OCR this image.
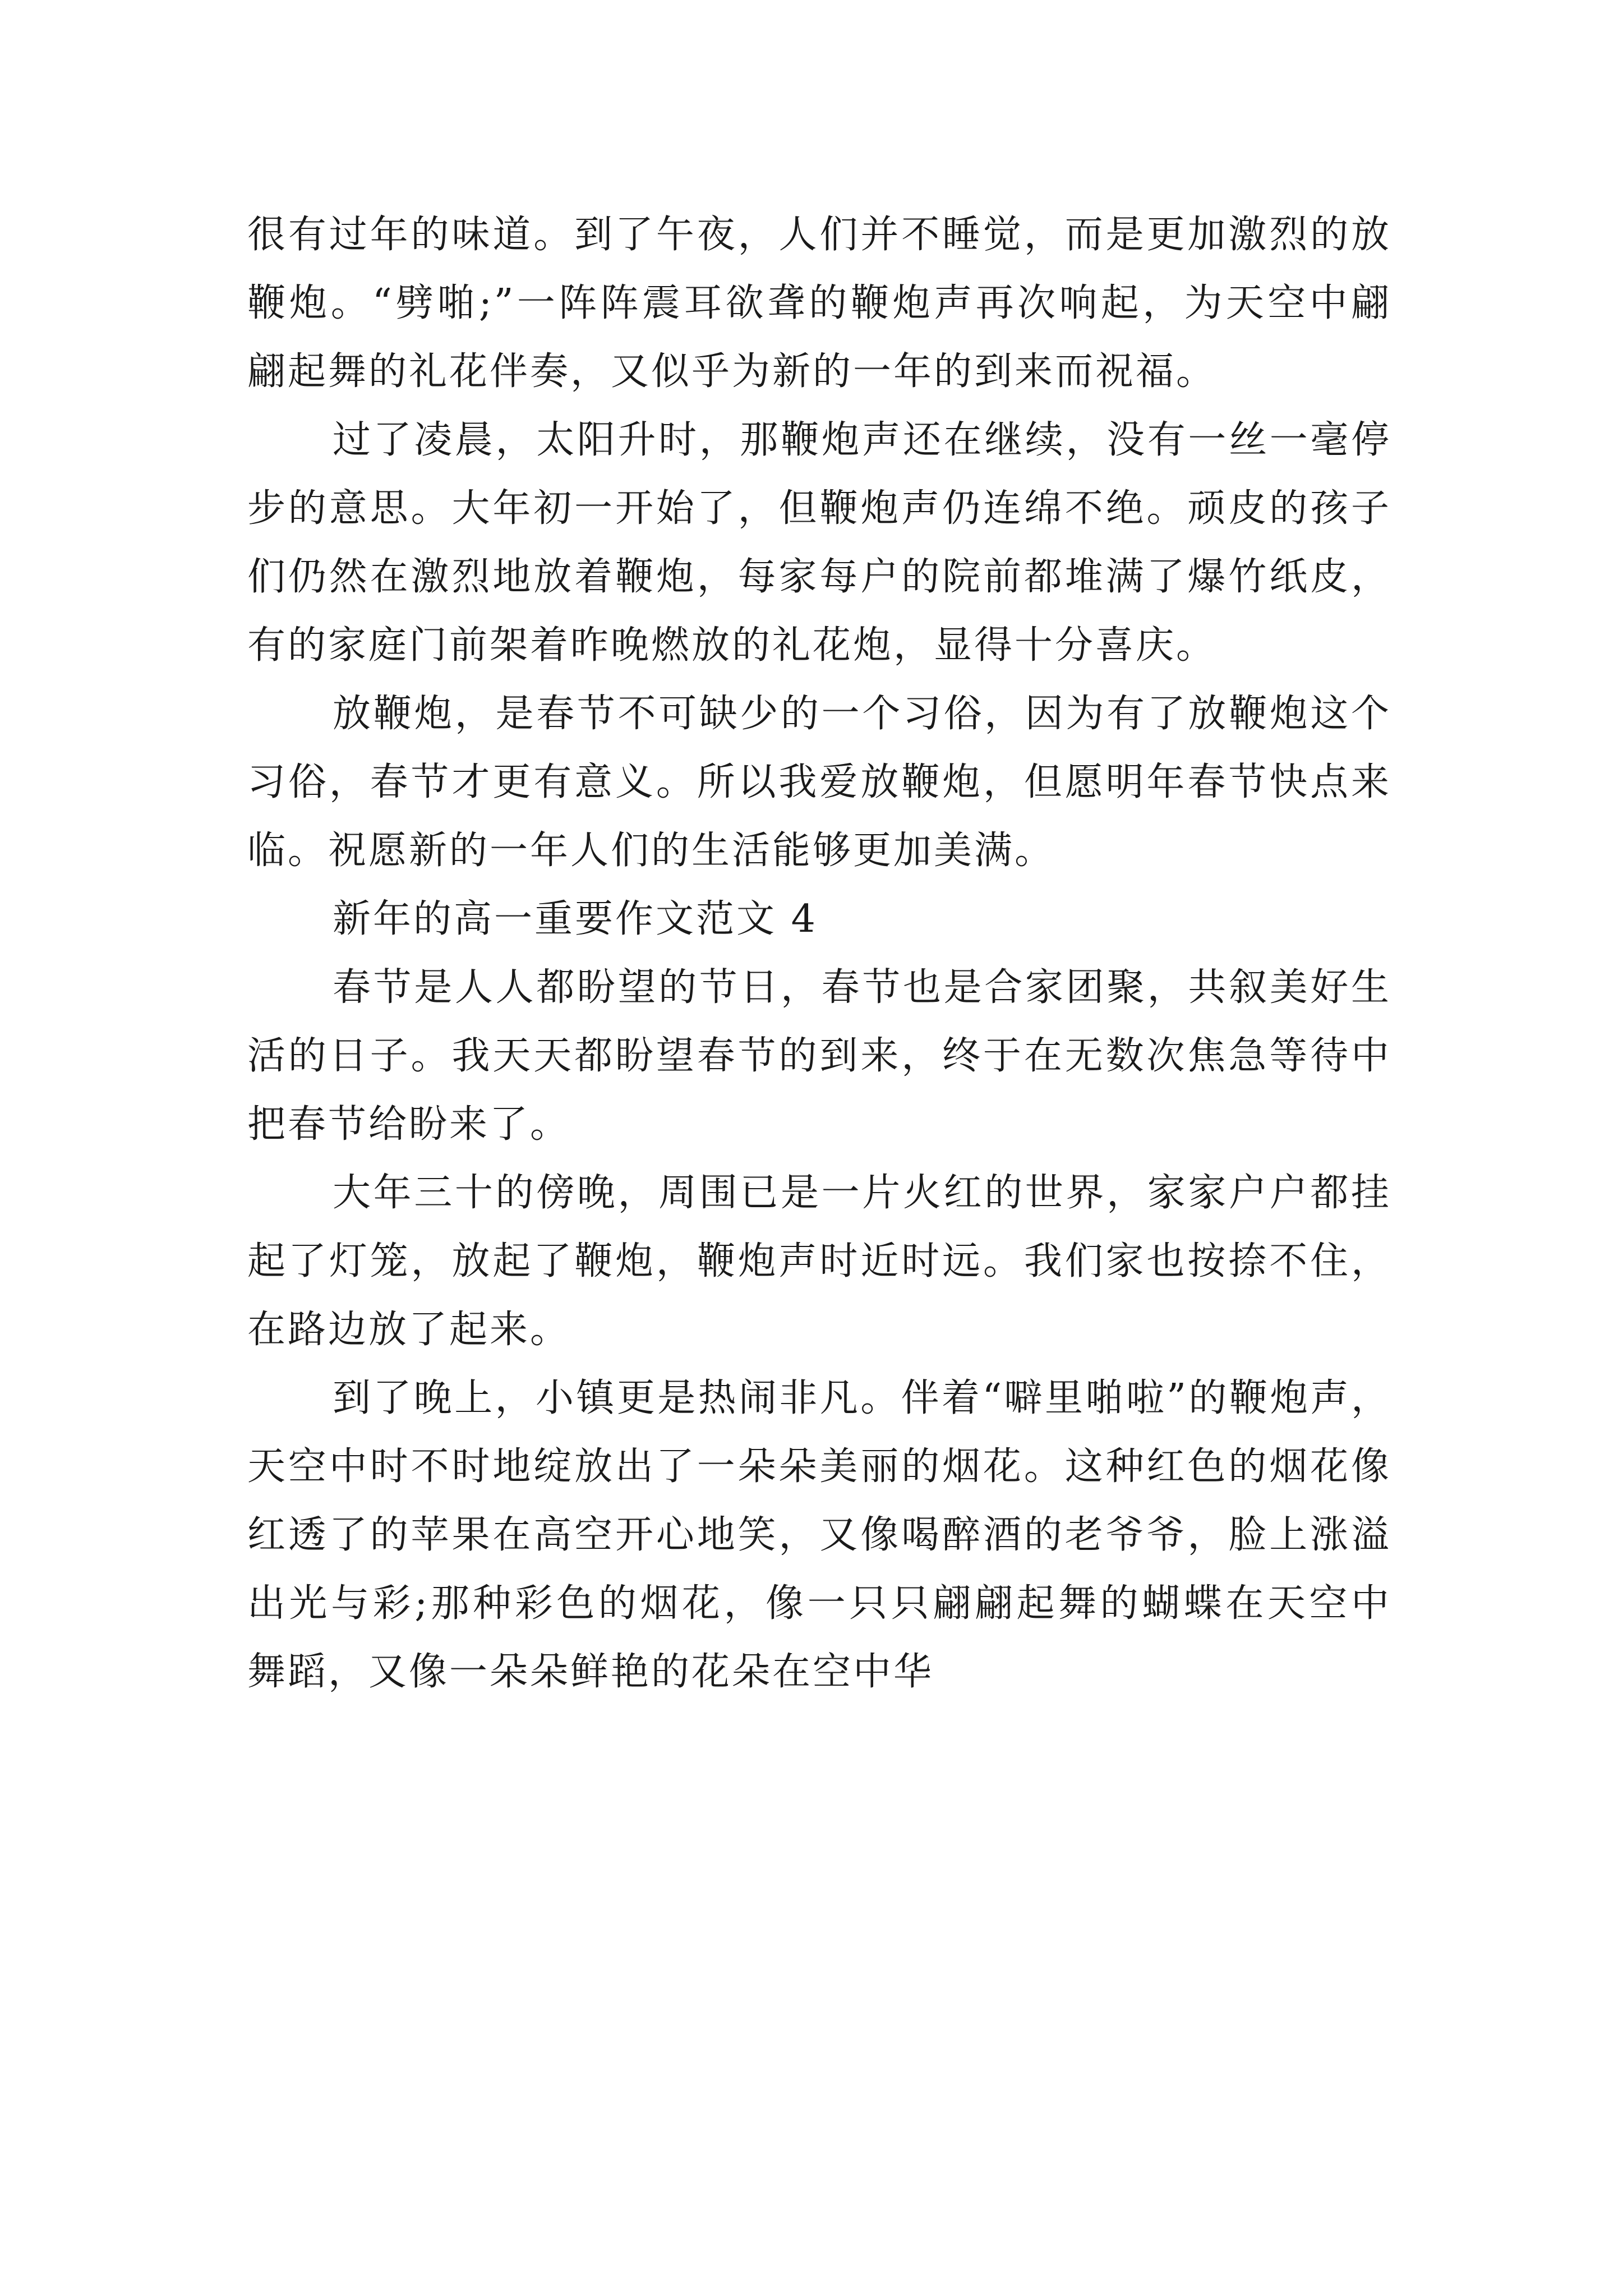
很有过年的味道。到了午夜，人们并不睡觉，而是更加激烈的放鞭炮。“劈啪;”一阵阵震耳欲聋的鞭炮声再次响起，为天空中翩翩起舞的礼花伴奏，又似乎为新的一年的到来而祝福。

过了凌晨，太阳升时，那鞭炮声还在继续，没有一丝一毫停步的意思。大年初一开始了，但鞭炮声仍连绵不绝。顽皮的孩子们仍然在激烈地放着鞭炮，每家每户的院前都堆满了爆竹纸皮，有的家庭门前架着昨晚燃放的礼花炮，显得十分喜庆。

放鞭炮，是春节不可缺少的一个习俗，因为有了放鞭炮这个习俗，春节才更有意义。所以我爱放鞭炮，但愿明年春节快点来临。祝愿新的一年人们的生活能够更加美满。

新年的高一重要作文范文 4

春节是人人都盼望的节日，春节也是合家团聚，共叙美好生活的日子。我天天都盼望春节的到来，终于在无数次焦急等待中把春节给盼来了。

大年三十的傍晚，周围已是一片火红的世界，家家户户都挂起了灯笼，放起了鞭炮，鞭炮声时近时远。我们家也按捺不住，在路边放了起来。

到了晚上，小镇更是热闹非凡。伴着“噼里啪啦”的鞭炮声，天空中时不时地绽放出了一朵朵美丽的烟花。这种红色的烟花像红透了的苹果在高空开心地笑，又像喝醉酒的老爷爷，脸上涨溢出光与彩;那种彩色的烟花，像一只只翩翩起舞的蝴蝶在天空中舞蹈，又像一朵朵鲜艳的花朵在空中华
